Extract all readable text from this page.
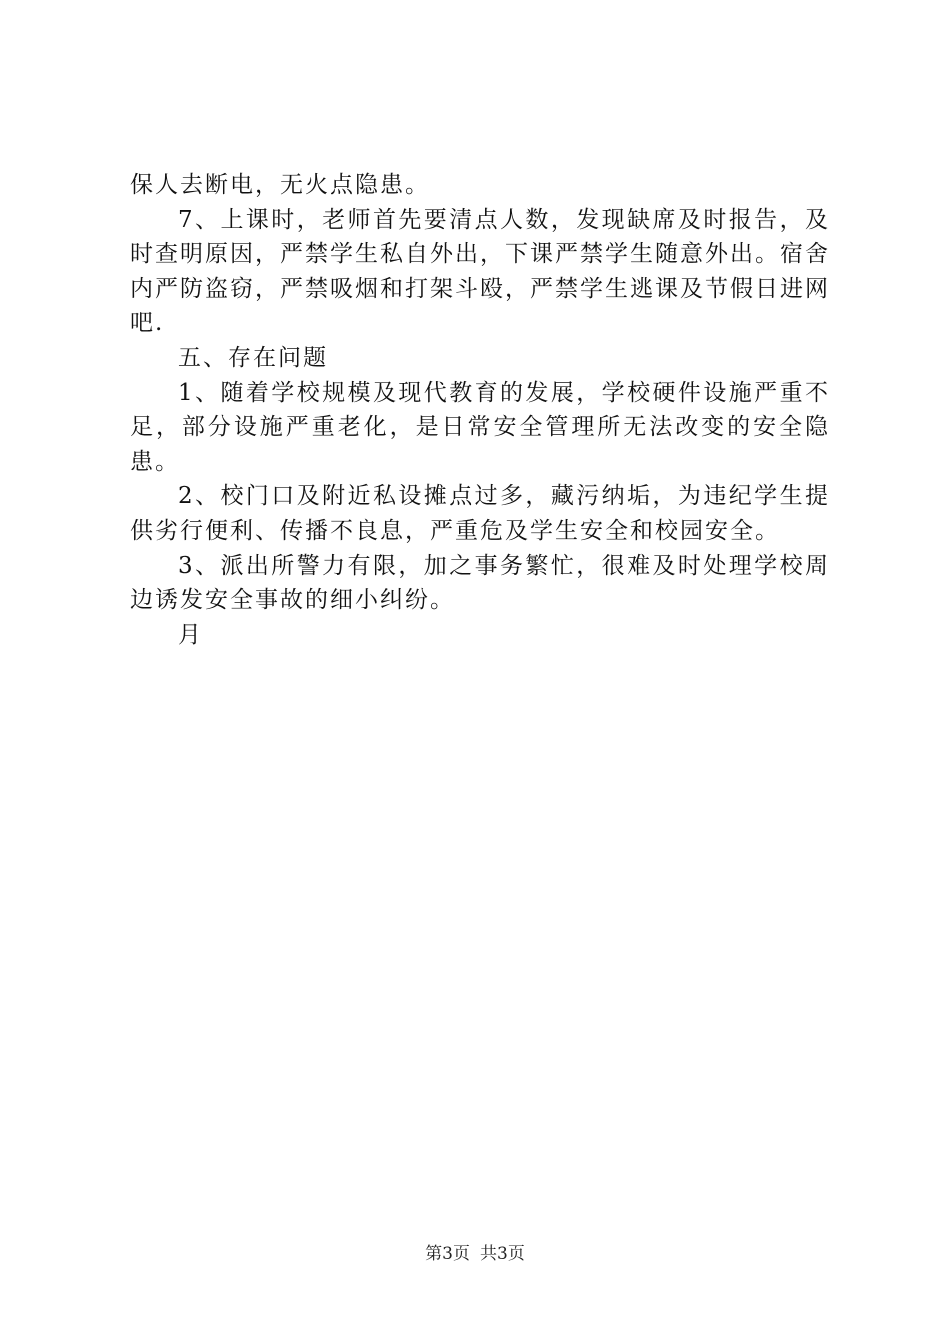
保人去断电，无火点隐患。

7、上课时，老师首先要清点人数，发现缺席及时报告，及时查明原因，严禁学生私自外出，下课严禁学生随意外出。宿舍内严防盗窃，严禁吸烟和打架斗殴，严禁学生逃课及节假日进网吧.

五、存在问题

1、随着学校规模及现代教育的发展，学校硬件设施严重不足，部分设施严重老化，是日常安全管理所无法改变的安全隐患。

2、校门口及附近私设摊点过多，藏污纳垢，为违纪学生提供劣行便利、传播不良息，严重危及学生安全和校园安全。

3、派出所警力有限，加之事务繁忙，很难及时处理学校周边诱发安全事故的细小纠纷。

月

第3页 共3页
